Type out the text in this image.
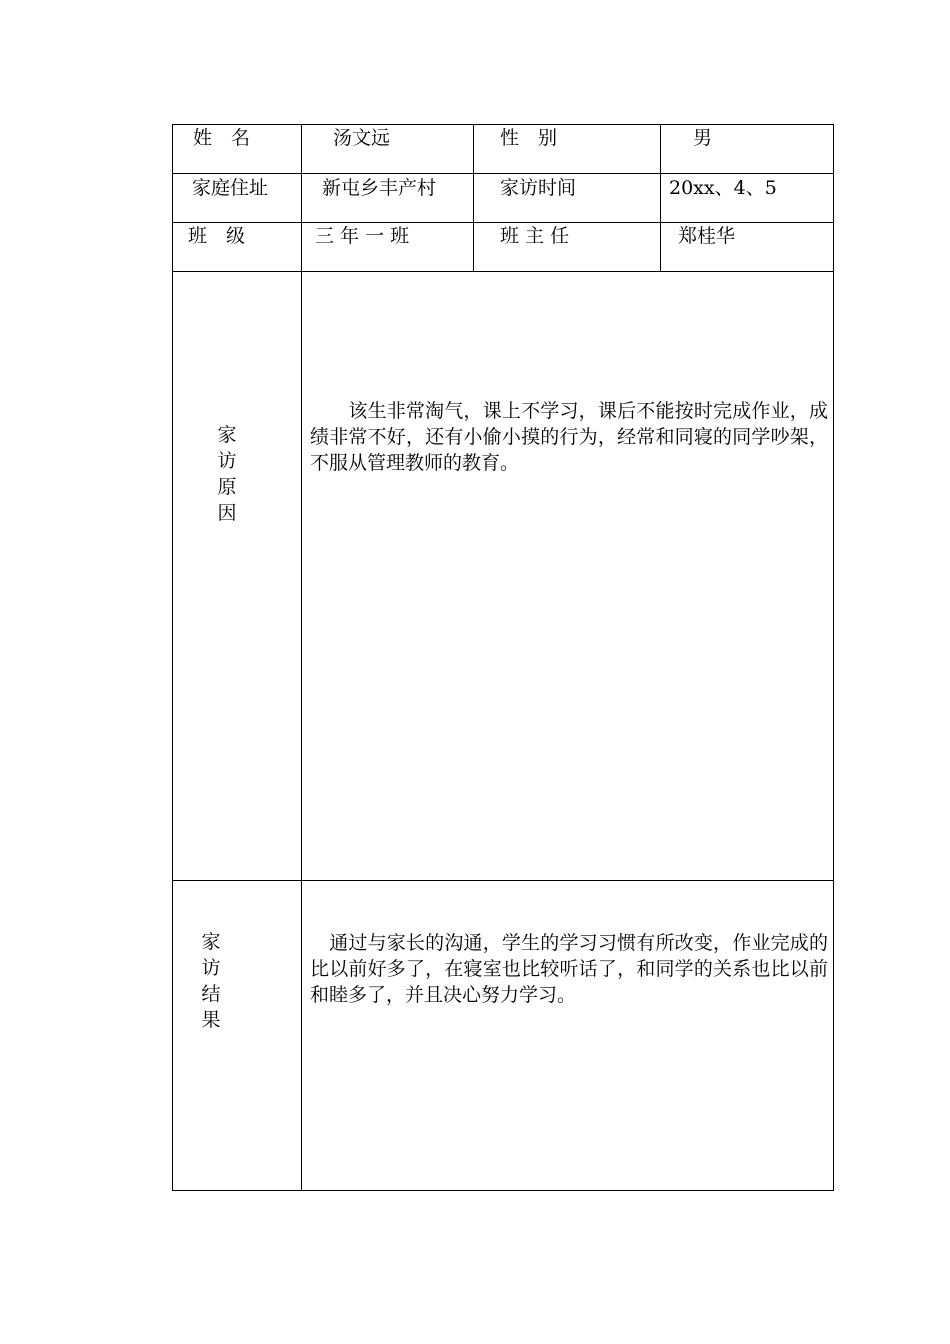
姓　名	汤文远	性　别	男
家庭住址	新屯乡丰产村	家访时间	20xx、4、5
班　级	三 年 一 班	班 主 任	郑桂华
家访原因
　　该生非常淘气，课上不学习，课后不能按时完成作业，成绩非常不好，还有小偷小摸的行为，经常和同寝的同学吵架，不服从管理教师的教育。
家访结果
　通过与家长的沟通，学生的学习习惯有所改变，作业完成的比以前好多了，在寝室也比较听话了，和同学的关系也比以前和睦多了，并且决心努力学习。
